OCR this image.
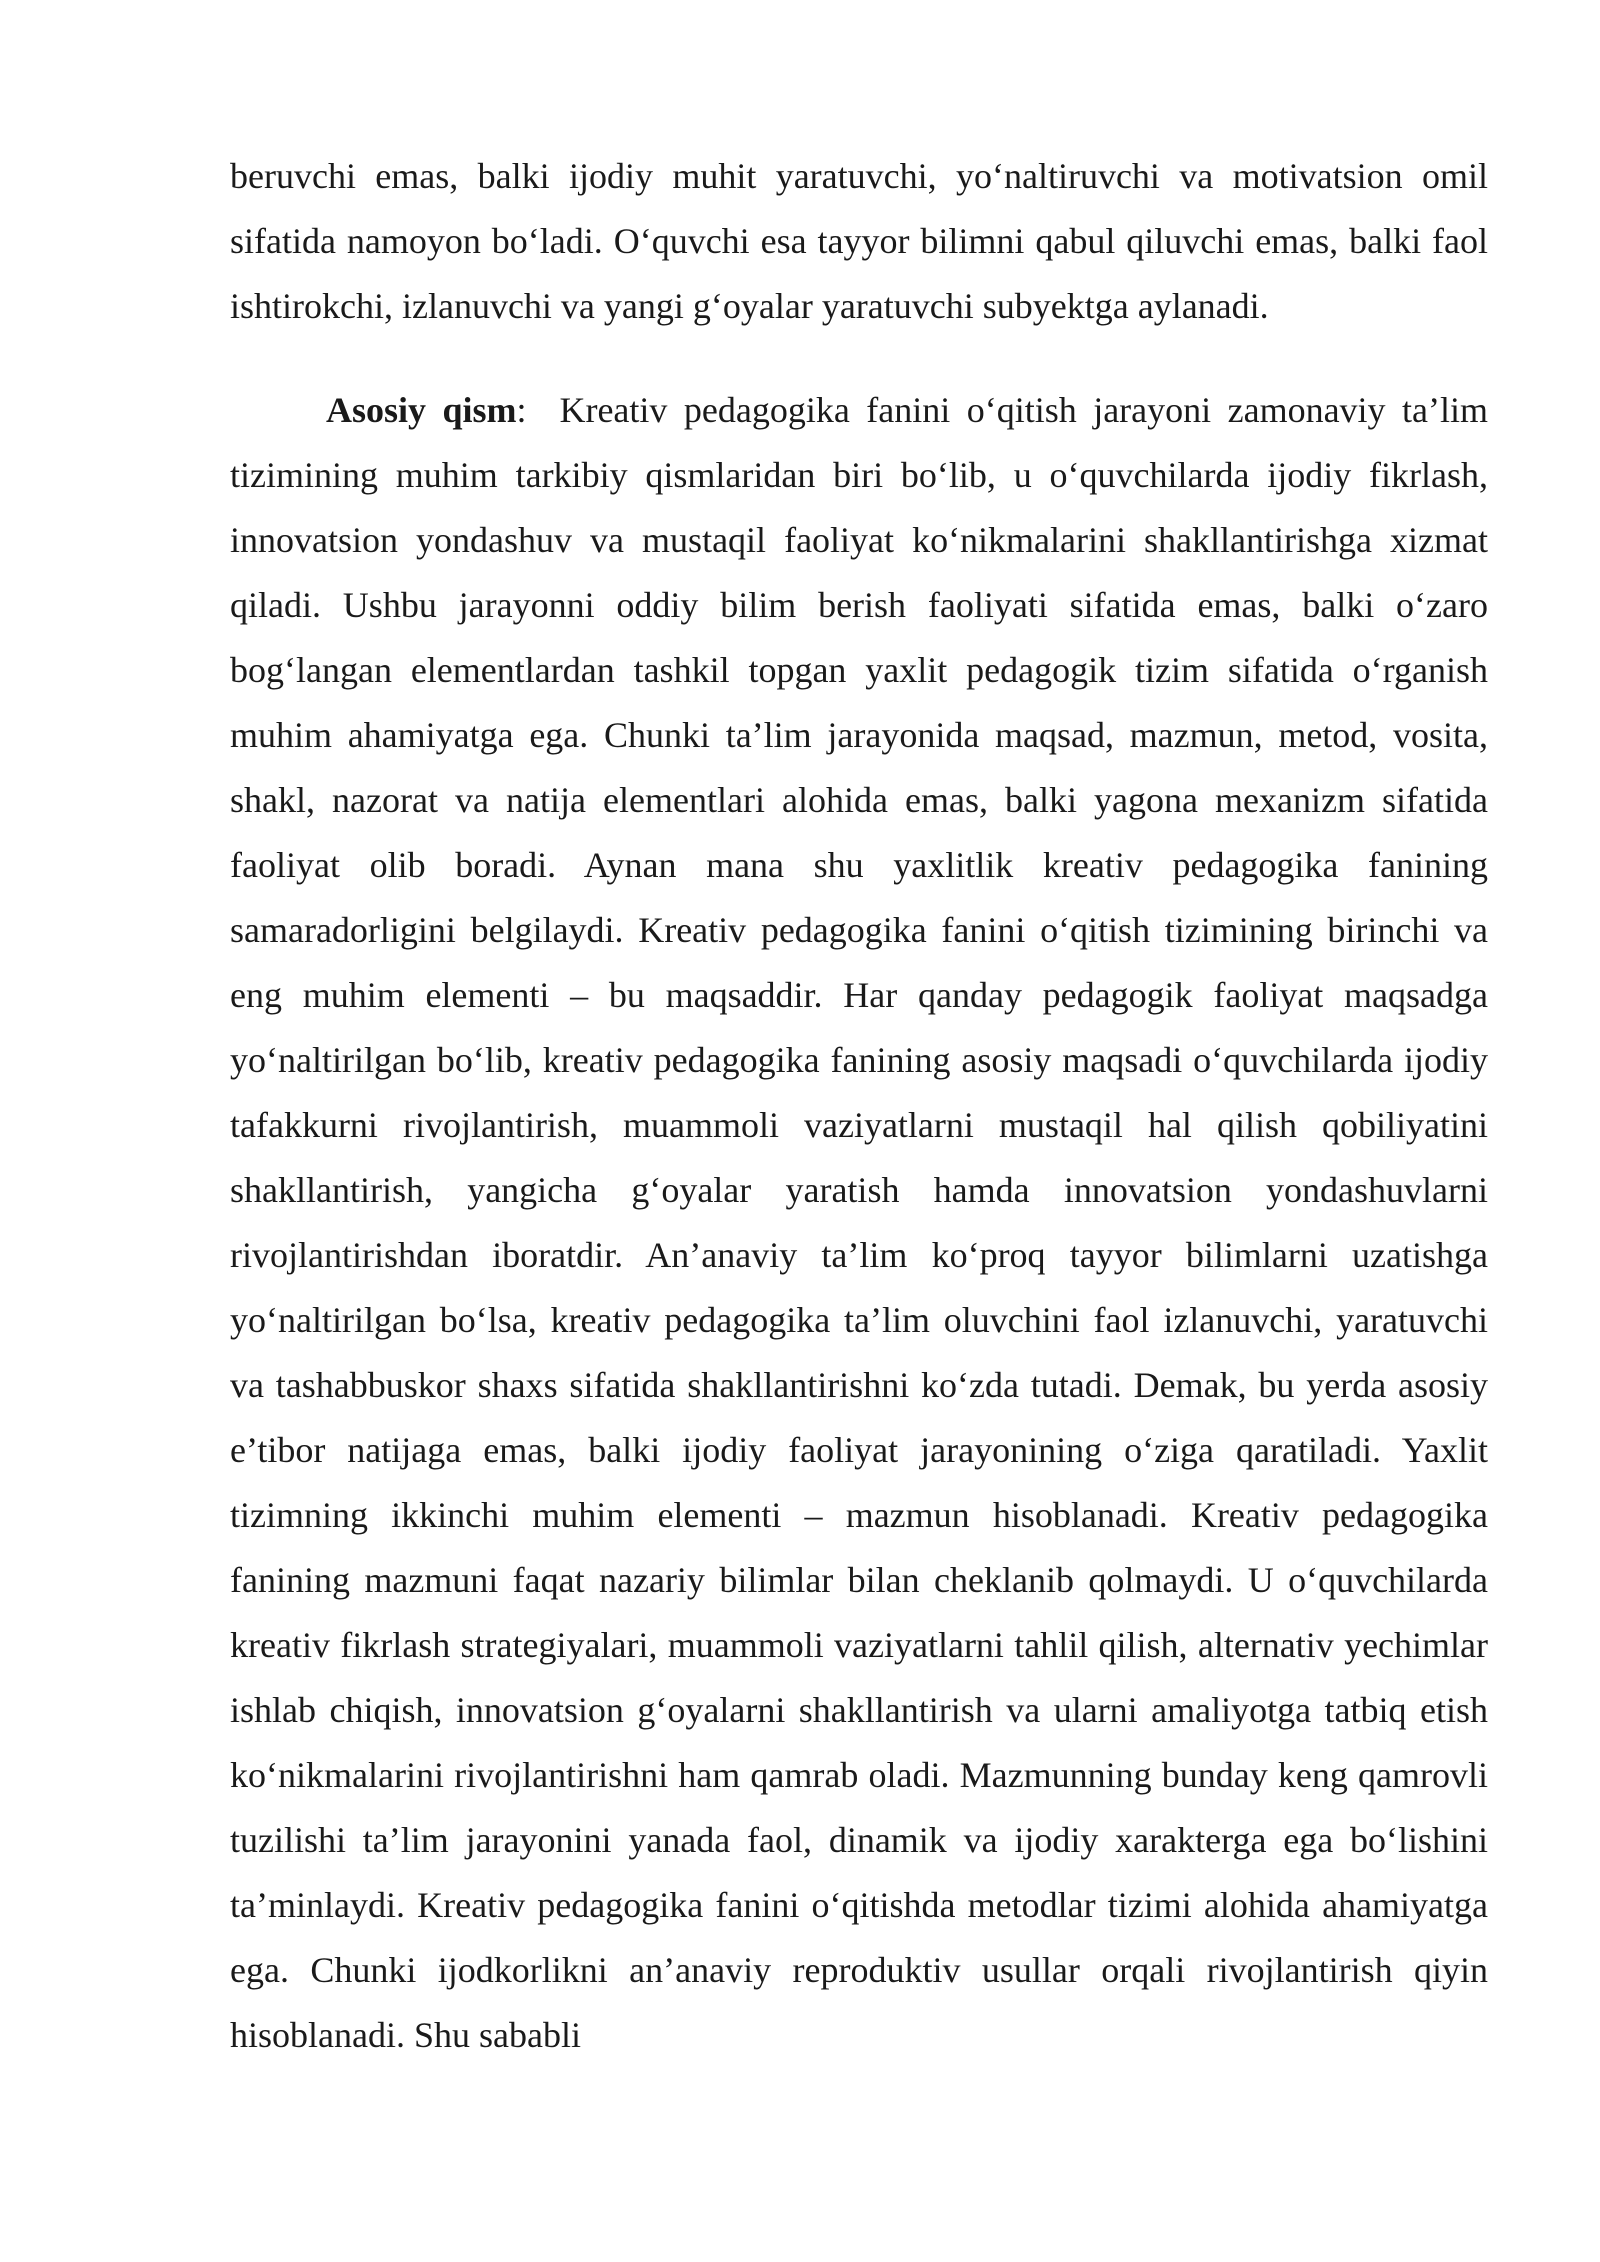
beruvchi emas, balki ijodiy muhit yaratuvchi, yo‘naltiruvchi va motivatsion omil sifatida namoyon bo‘ladi. O‘quvchi esa tayyor bilimni qabul qiluvchi emas, balki faol ishtirokchi, izlanuvchi va yangi g‘oyalar yaratuvchi subyektga aylanadi.
Asosiy qism: Kreativ pedagogika fanini o‘qitish jarayoni zamonaviy ta’lim tizimining muhim tarkibiy qismlaridan biri bo‘lib, u o‘quvchilarda ijodiy fikrlash, innovatsion yondashuv va mustaqil faoliyat ko‘nikmalarini shakllantirishga xizmat qiladi. Ushbu jarayonni oddiy bilim berish faoliyati sifatida emas, balki o‘zaro bog‘langan elementlardan tashkil topgan yaxlit pedagogik tizim sifatida o‘rganish muhim ahamiyatga ega. Chunki ta’lim jarayonida maqsad, mazmun, metod, vosita, shakl, nazorat va natija elementlari alohida emas, balki yagona mexanizm sifatida faoliyat olib boradi. Aynan mana shu yaxlitlik kreativ pedagogika fanining samaradorligini belgilaydi. Kreativ pedagogika fanini o‘qitish tizimining birinchi va eng muhim elementi – bu maqsaddir. Har qanday pedagogik faoliyat maqsadga yo‘naltirilgan bo‘lib, kreativ pedagogika fanining asosiy maqsadi o‘quvchilarda ijodiy tafakkurni rivojlantirish, muammoli vaziyatlarni mustaqil hal qilish qobiliyatini shakllantirish, yangicha g‘oyalar yaratish hamda innovatsion yondashuvlarni rivojlantirishdan iboratdir. An’anaviy ta’lim ko‘proq tayyor bilimlarni uzatishga yo‘naltirilgan bo‘lsa, kreativ pedagogika ta’lim oluvchini faol izlanuvchi, yaratuvchi va tashabbuskor shaxs sifatida shakllantirishni ko‘zda tutadi. Demak, bu yerda asosiy e’tibor natijaga emas, balki ijodiy faoliyat jarayonining o‘ziga qaratiladi. Yaxlit tizimning ikkinchi muhim elementi – mazmun hisoblanadi. Kreativ pedagogika fanining mazmuni faqat nazariy bilimlar bilan cheklanib qolmaydi. U o‘quvchilarda kreativ fikrlash strategiyalari, muammoli vaziyatlarni tahlil qilish, alternativ yechimlar ishlab chiqish, innovatsion g‘oyalarni shakllantirish va ularni amaliyotga tatbiq etish ko‘nikmalarini rivojlantirishni ham qamrab oladi. Mazmunning bunday keng qamrovli tuzilishi ta’lim jarayonini yanada faol, dinamik va ijodiy xarakterga ega bo‘lishini ta’minlaydi. Kreativ pedagogika fanini o‘qitishda metodlar tizimi alohida ahamiyatga ega. Chunki ijodkorlikni an’anaviy reproduktiv usullar orqali rivojlantirish qiyin hisoblanadi. Shu sababli
